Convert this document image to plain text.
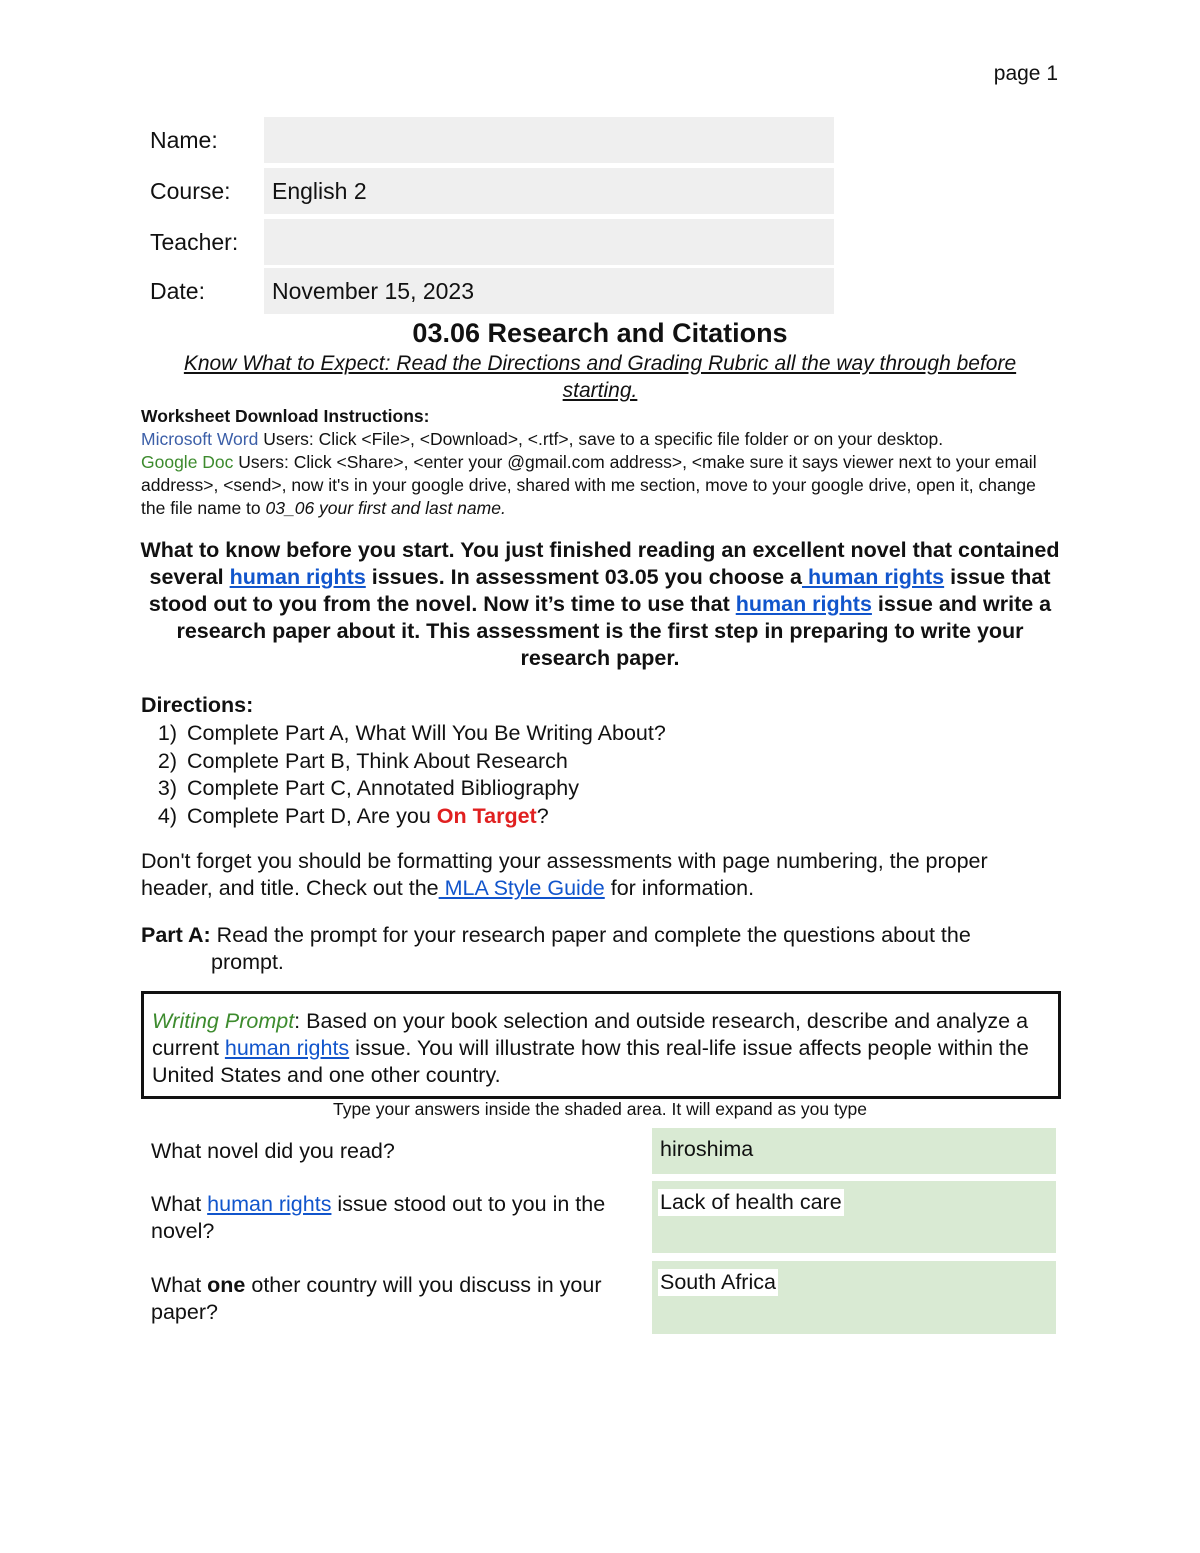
page 1
Name:
Course: English 2
Teacher:
Date:	November 15, 2023
03.06 Research and Citations
Know What to Expect: Read the Directions and Grading Rubric all the way through before starting.
Worksheet Download Instructions:
Microsoft Word Users: Click <File>, <Download>, <.rtf>, save to a specific file folder or on your desktop.
Google Doc Users: Click <Share>, <enter your @gmail.com address>, <make sure it says viewer next to your email address>, <send>, now it's in your google drive, shared with me section, move to your google drive, open it, change the file name to 03_06 your first and last name.
What to know before you start. You just finished reading an excellent novel that contained several human rights issues. In assessment 03.05 you choose a human rights issue that stood out to you from the novel. Now it’s time to use that human rights issue and write a research paper about it. This assessment is the first step in preparing to write your research paper.
Directions:
1) Complete Part A, What Will You Be Writing About?
2) Complete Part B, Think About Research
3) Complete Part C, Annotated Bibliography
4) Complete Part D, Are you On Target?
Don't forget you should be formatting your assessments with page numbering, the proper header, and title. Check out the MLA Style Guide for information.
Part A: Read the prompt for your research paper and complete the questions about the
prompt.
Writing Prompt: Based on your book selection and outside research, describe and analyze a current human rights issue. You will illustrate how this real-life issue affects people within the United States and one other country.
Type your answers inside the shaded area. It will expand as you type
What novel did you read?	hiroshima
What human rights issue stood out to you in the novel?
Lack of health care
What one other country will you discuss in your paper?
South Africa
